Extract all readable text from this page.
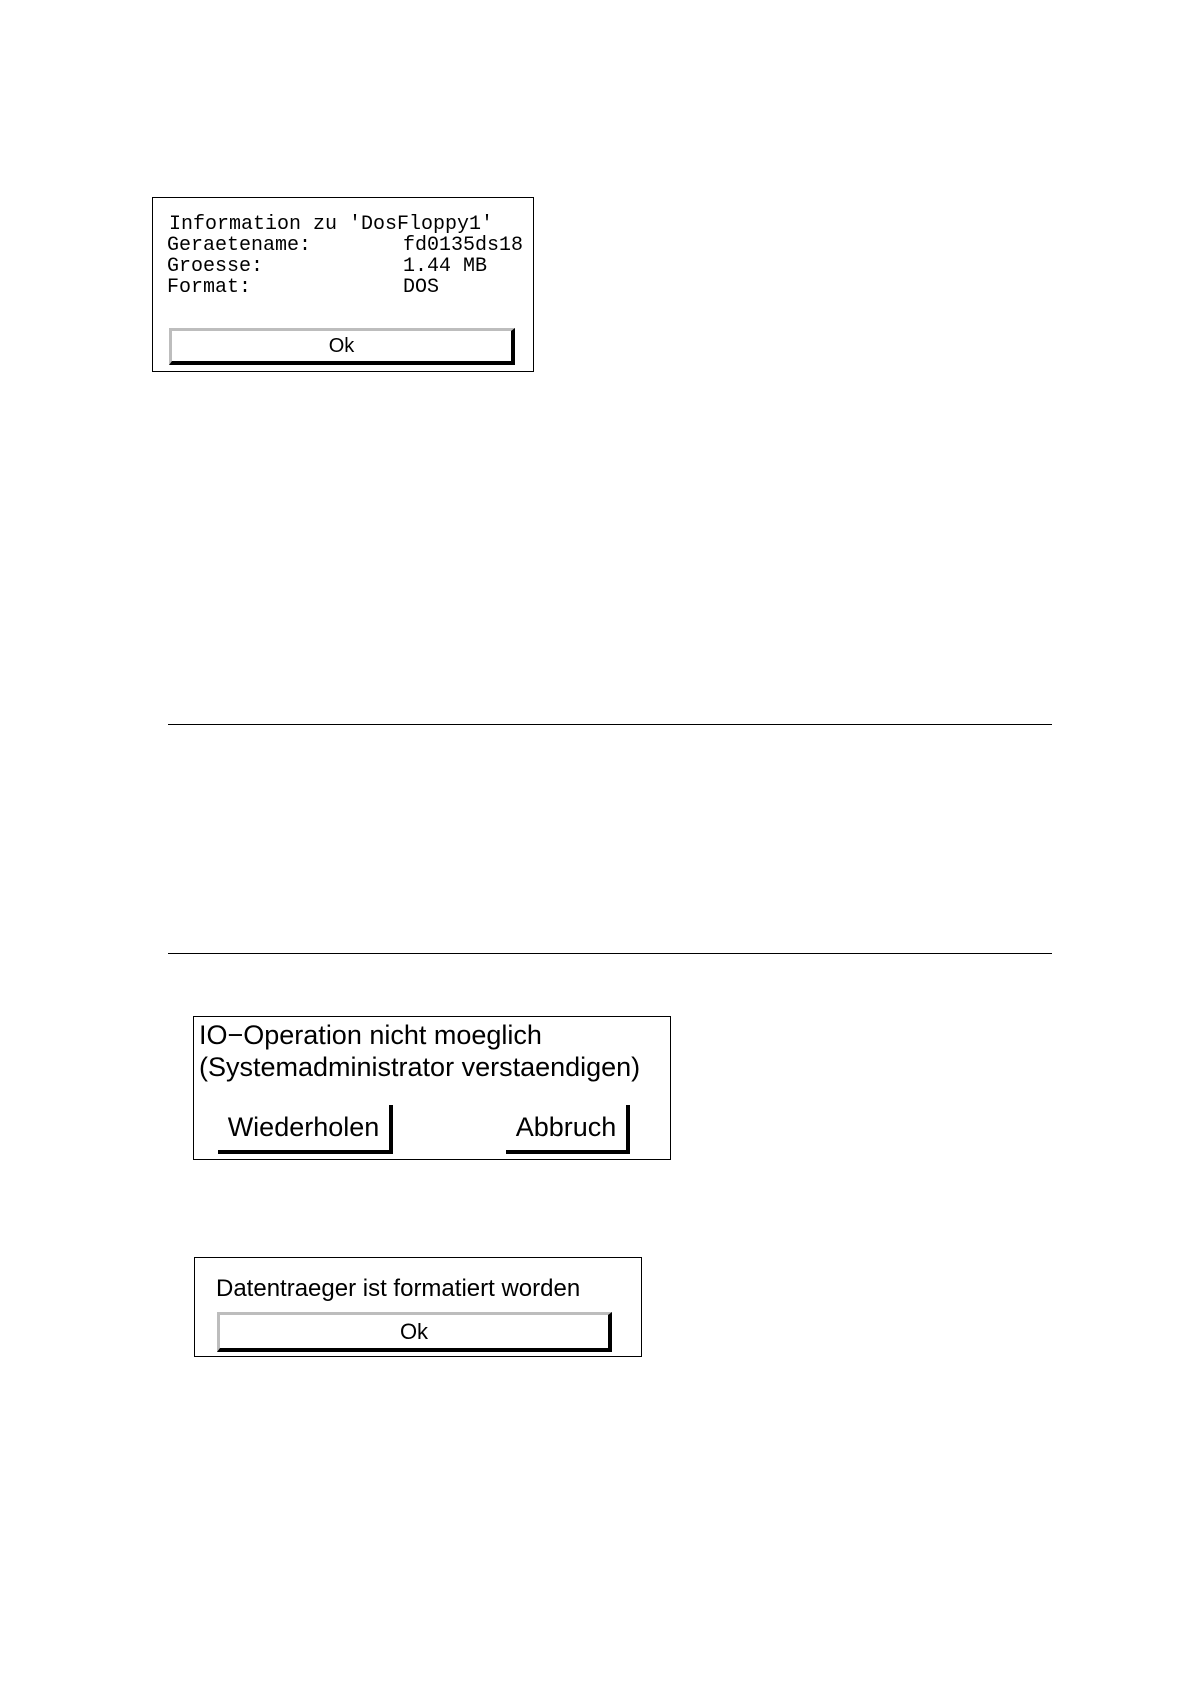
Information zu 'DosFloppy1'
Geraetename:	fd0135ds18
Groesse:	1.44 MB
Format:	DOS
Ok

IO−Operation nicht moeglich

(Systemadministrator verstaendigen)

Wiederholen	Abbruch

Datentraeger ist formatiert worden

Ok
